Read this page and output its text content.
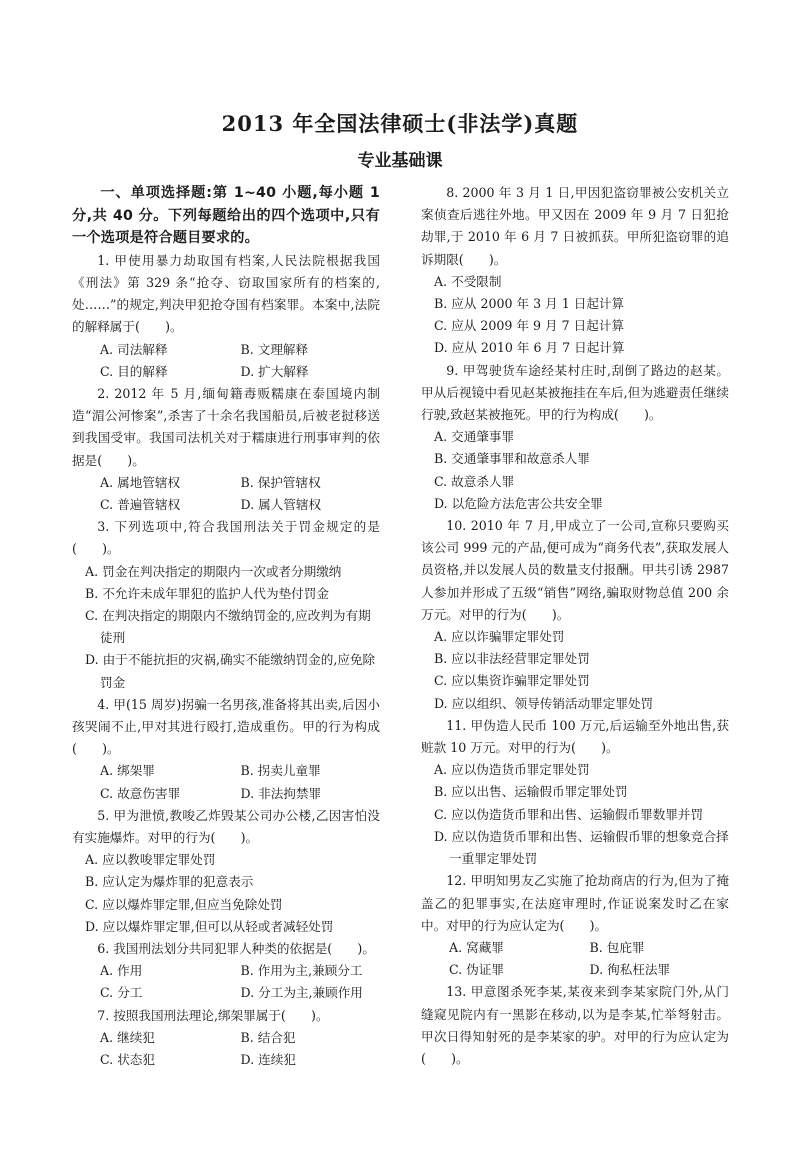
2013 年全国法律硕士(非法学)真题
专业基础课
一、单项选择题:第 1~40 小题,每小题 1 分,共 40 分。下列每题给出的四个选项中,只有一个选项是符合题目要求的。
1. 甲使用暴力劫取国有档案,人民法院根据我国《刑法》第 329 条“抢夺、窃取国家所有的档案的,处……”的规定,判决甲犯抢夺国有档案罪。本案中,法院的解释属于(　　)。
A. 司法解释	B. 文理解释
C. 目的解释	D. 扩大解释
2. 2012 年 5 月,缅甸籍毒贩糯康在泰国境内制造“湄公河惨案”,杀害了十余名我国船员,后被老挝移送到我国受审。我国司法机关对于糯康进行刑事审判的依据是(　　)。
A. 属地管辖权	B. 保护管辖权
C. 普遍管辖权	D. 属人管辖权
3. 下列选项中,符合我国刑法关于罚金规定的是(　　)。
A. 罚金在判决指定的期限内一次或者分期缴纳
B. 不允许未成年罪犯的监护人代为垫付罚金
C. 在判决指定的期限内不缴纳罚金的,应改判为有期徒刑
D. 由于不能抗拒的灾祸,确实不能缴纳罚金的,应免除罚金
4. 甲(15 周岁)拐骗一名男孩,准备将其出卖,后因小孩哭闹不止,甲对其进行殴打,造成重伤。甲的行为构成(　　)。
A. 绑架罪	B. 拐卖儿童罪
C. 故意伤害罪	D. 非法拘禁罪
5. 甲为泄愤,教唆乙炸毁某公司办公楼,乙因害怕没有实施爆炸。对甲的行为(　　)。
A. 应以教唆罪定罪处罚
B. 应认定为爆炸罪的犯意表示
C. 应以爆炸罪定罪,但应当免除处罚
D. 应以爆炸罪定罪,但可以从轻或者减轻处罚
6. 我国刑法划分共同犯罪人种类的依据是(　　)。
A. 作用	B. 作用为主,兼顾分工
C. 分工	D. 分工为主,兼顾作用
7. 按照我国刑法理论,绑架罪属于(　　)。
A. 继续犯	B. 结合犯
C. 状态犯	D. 连续犯
8. 2000 年 3 月 1 日,甲因犯盗窃罪被公安机关立案侦查后逃往外地。甲又因在 2009 年 9 月 7 日犯抢劫罪,于 2010 年 6 月 7 日被抓获。甲所犯盗窃罪的追诉期限(　　)。
A. 不受限制
B. 应从 2000 年 3 月 1 日起计算
C. 应从 2009 年 9 月 7 日起计算
D. 应从 2010 年 6 月 7 日起计算
9. 甲驾驶货车途经某村庄时,刮倒了路边的赵某。甲从后视镜中看见赵某被拖挂在车后,但为逃避责任继续行驶,致赵某被拖死。甲的行为构成(　　)。
A. 交通肇事罪
B. 交通肇事罪和故意杀人罪
C. 故意杀人罪
D. 以危险方法危害公共安全罪
10. 2010 年 7 月,甲成立了一公司,宣称只要购买该公司 999 元的产品,便可成为“商务代表”,获取发展人员资格,并以发展人员的数量支付报酬。甲共引诱 2987 人参加并形成了五级“销售”网络,骗取财物总值 200 余万元。对甲的行为(　　)。
A. 应以诈骗罪定罪处罚
B. 应以非法经营罪定罪处罚
C. 应以集资诈骗罪定罪处罚
D. 应以组织、领导传销活动罪定罪处罚
11. 甲伪造人民币 100 万元,后运输至外地出售,获赃款 10 万元。对甲的行为(　　)。
A. 应以伪造货币罪定罪处罚
B. 应以出售、运输假币罪定罪处罚
C. 应以伪造货币罪和出售、运输假币罪数罪并罚
D. 应以伪造货币罪和出售、运输假币罪的想象竞合择一重罪定罪处罚
12. 甲明知男友乙实施了抢劫商店的行为,但为了掩盖乙的犯罪事实,在法庭审理时,作证说案发时乙在家中。对甲的行为应认定为(　　)。
A. 窝藏罪	B. 包庇罪
C. 伪证罪	D. 徇私枉法罪
13. 甲意图杀死李某,某夜来到李某家院门外,从门缝窥见院内有一黑影在移动,以为是李某,忙举弩射击。甲次日得知射死的是李某家的驴。对甲的行为应认定为(　　)。
